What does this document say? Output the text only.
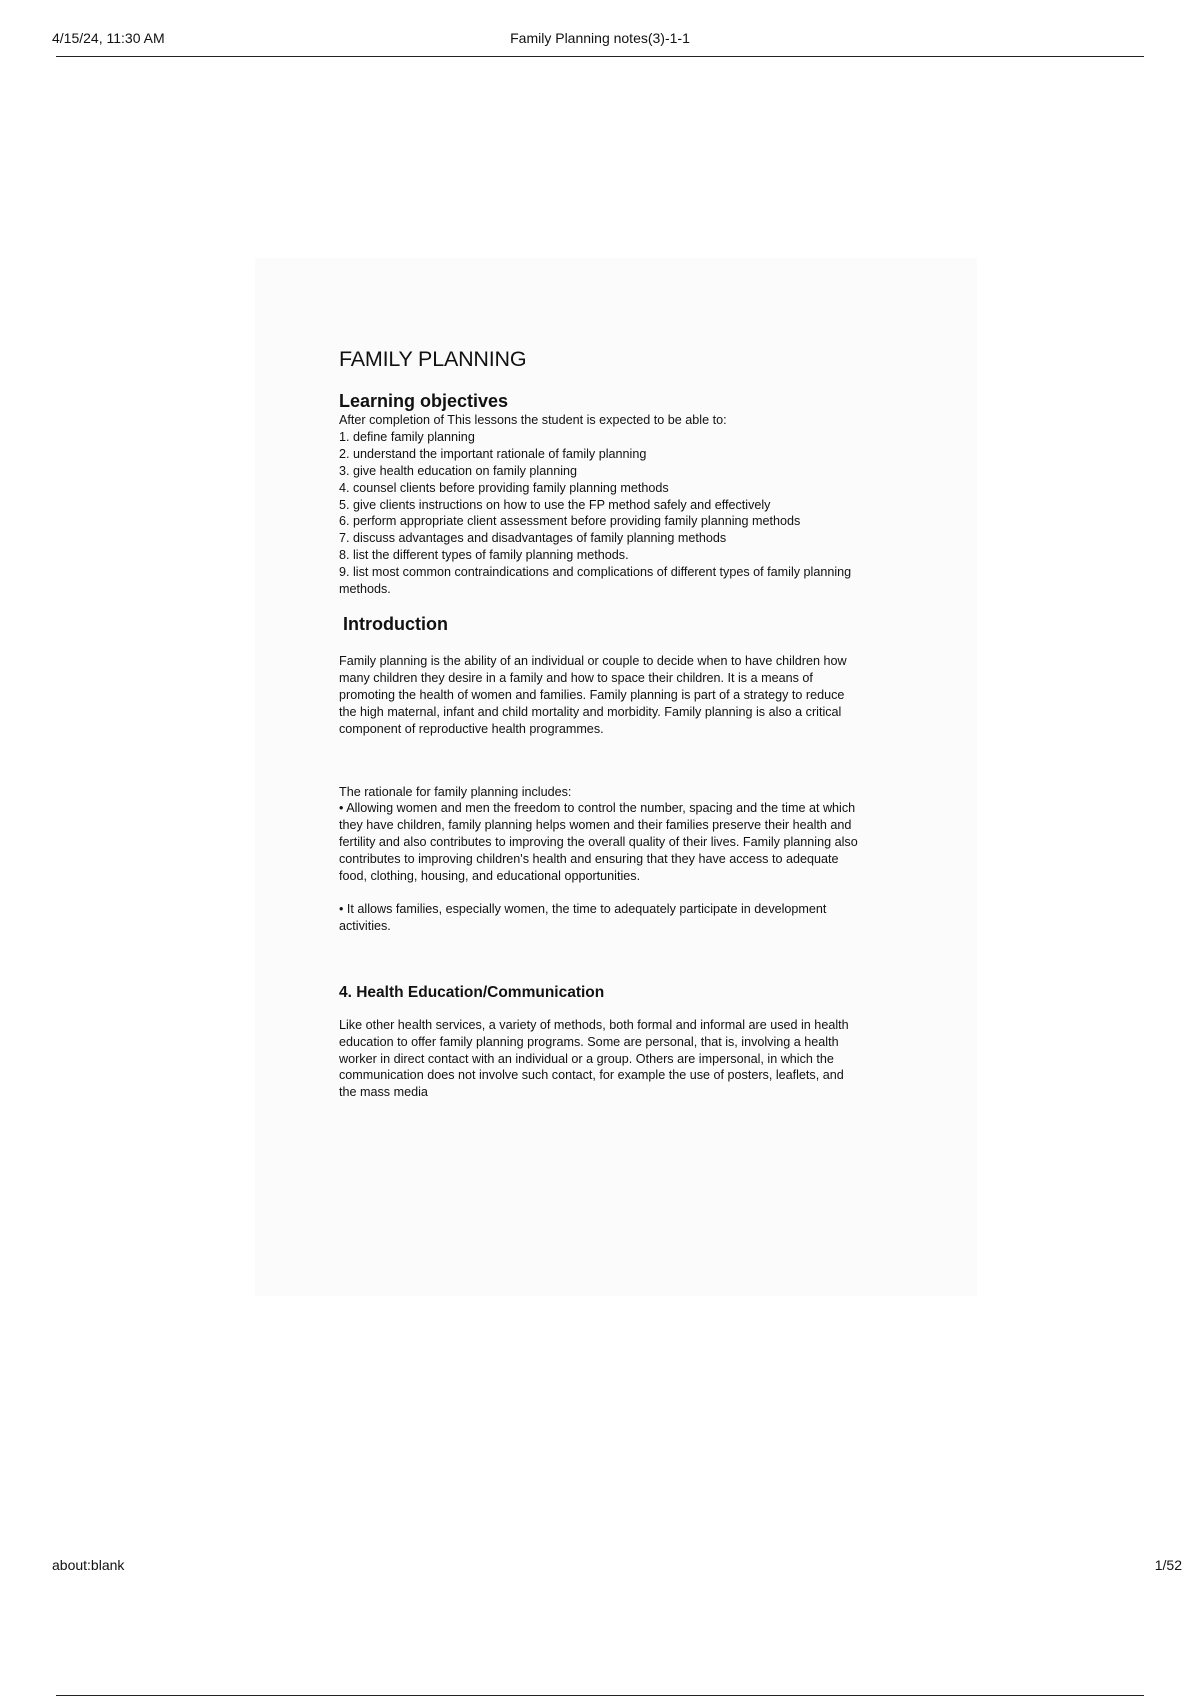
4/15/24, 11:30 AM	Family Planning notes(3)-1-1
FAMILY PLANNING
Learning objectives

After completion of This lessons the student is expected to be able to:

1. define family planning
2. understand the important rationale of family planning
3. give health education on family planning
4. counsel clients before providing family planning methods
5. give clients instructions on how to use the FP method safely and effectively
6. perform appropriate client assessment before providing family planning methods
7. discuss advantages and disadvantages of family planning methods
8. list the different types of family planning methods.
9. list most common contraindications and complications of different types of family planning methods.
Introduction

Family planning is the ability of an individual or couple to decide when to have children how many children they desire in a family and how to space their children. It is a means of promoting the health of women and families. Family planning is part of a strategy to reduce the high maternal, infant and child mortality and morbidity. Family planning is also a critical component of reproductive health programmes.

The rationale for family planning includes:

• Allowing women and men the freedom to control the number, spacing and the time at which they have children, family planning helps women and their families preserve their health and fertility and also contributes to improving the overall quality of their lives. Family planning also contributes to improving children's health and ensuring that they have access to adequate food, clothing, housing, and educational opportunities.

• It allows families, especially women, the time to adequately participate in development activities.

4. Health Education/Communication

Like other health services, a variety of methods, both formal and informal are used in health education to offer family planning programs. Some are personal, that is, involving a health worker in direct contact with an individual or a group. Others are impersonal, in which the communication does not involve such contact, for example the use of posters, leaflets, and the mass media

about:blank	1/52
